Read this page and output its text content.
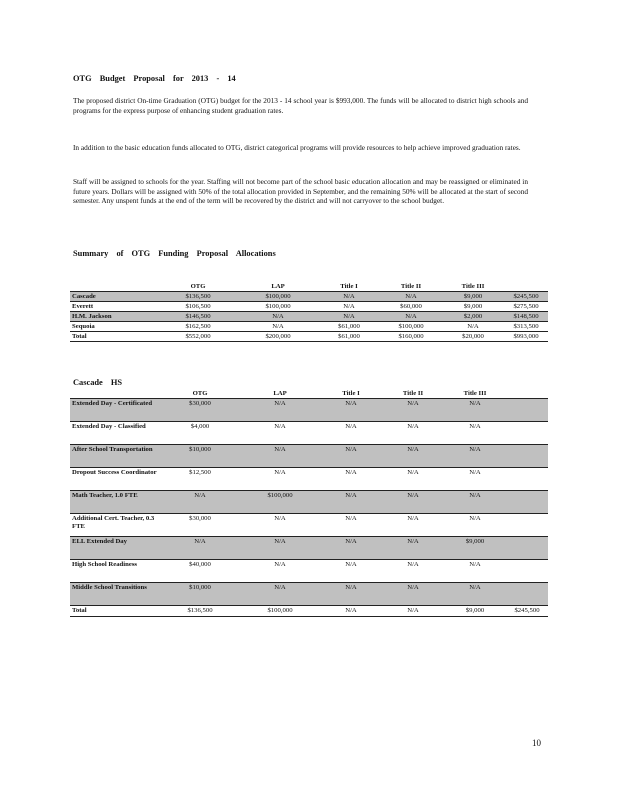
OTG Budget Proposal for 2013 - 14
The proposed district On-time Graduation (OTG) budget for the 2013 - 14 school year is $993,000. The funds will be allocated to district high schools and programs for the express purpose of enhancing student graduation rates.
In addition to the basic education funds allocated to OTG, district categorical programs will provide resources to help achieve improved graduation rates.
Staff will be assigned to schools for the year. Staffing will not become part of the school basic education allocation and may be reassigned or eliminated in future years. Dollars will be assigned with 50% of the total allocation provided in September, and the remaining 50% will be allocated at the start of second semester. Any unspent funds at the end of the term will be recovered by the district and will not carryover to the school budget.
Summary of OTG Funding Proposal Allocations
	OTG	LAP	Title I	Title II	Title III	
Cascade	$136,500	$100,000	N/A	N/A	$9,000	$245,500
Everett	$106,500	$100,000	N/A	$60,000	$9,000	$275,500
H.M. Jackson	$146,500	N/A	N/A	N/A	$2,000	$148,500
Sequoia	$162,500	N/A	$61,000	$100,000	N/A	$313,500
Total	$552,000	$200,000	$61,000	$160,000	$20,000	$993,000
Cascade HS
	OTG	LAP	Title I	Title II	Title III	
Extended Day - Certificated	$30,000	N/A	N/A	N/A	N/A	
Extended Day - Classified	$4,000	N/A	N/A	N/A	N/A	
After School Transportation	$10,000	N/A	N/A	N/A	N/A	
Dropout Success Coordinator	$12,500	N/A	N/A	N/A	N/A	
Math Teacher, 1.0 FTE	N/A	$100,000	N/A	N/A	N/A	
Additional Cert. Teacher, 0.3 FTE	$30,000	N/A	N/A	N/A	N/A	
ELL Extended Day	N/A	N/A	N/A	N/A	$9,000	
High School Readiness	$40,000	N/A	N/A	N/A	N/A	
Middle School Transitions	$10,000	N/A	N/A	N/A	N/A	
Total	$136,500	$100,000	N/A	N/A	$9,000	$245,500
10
